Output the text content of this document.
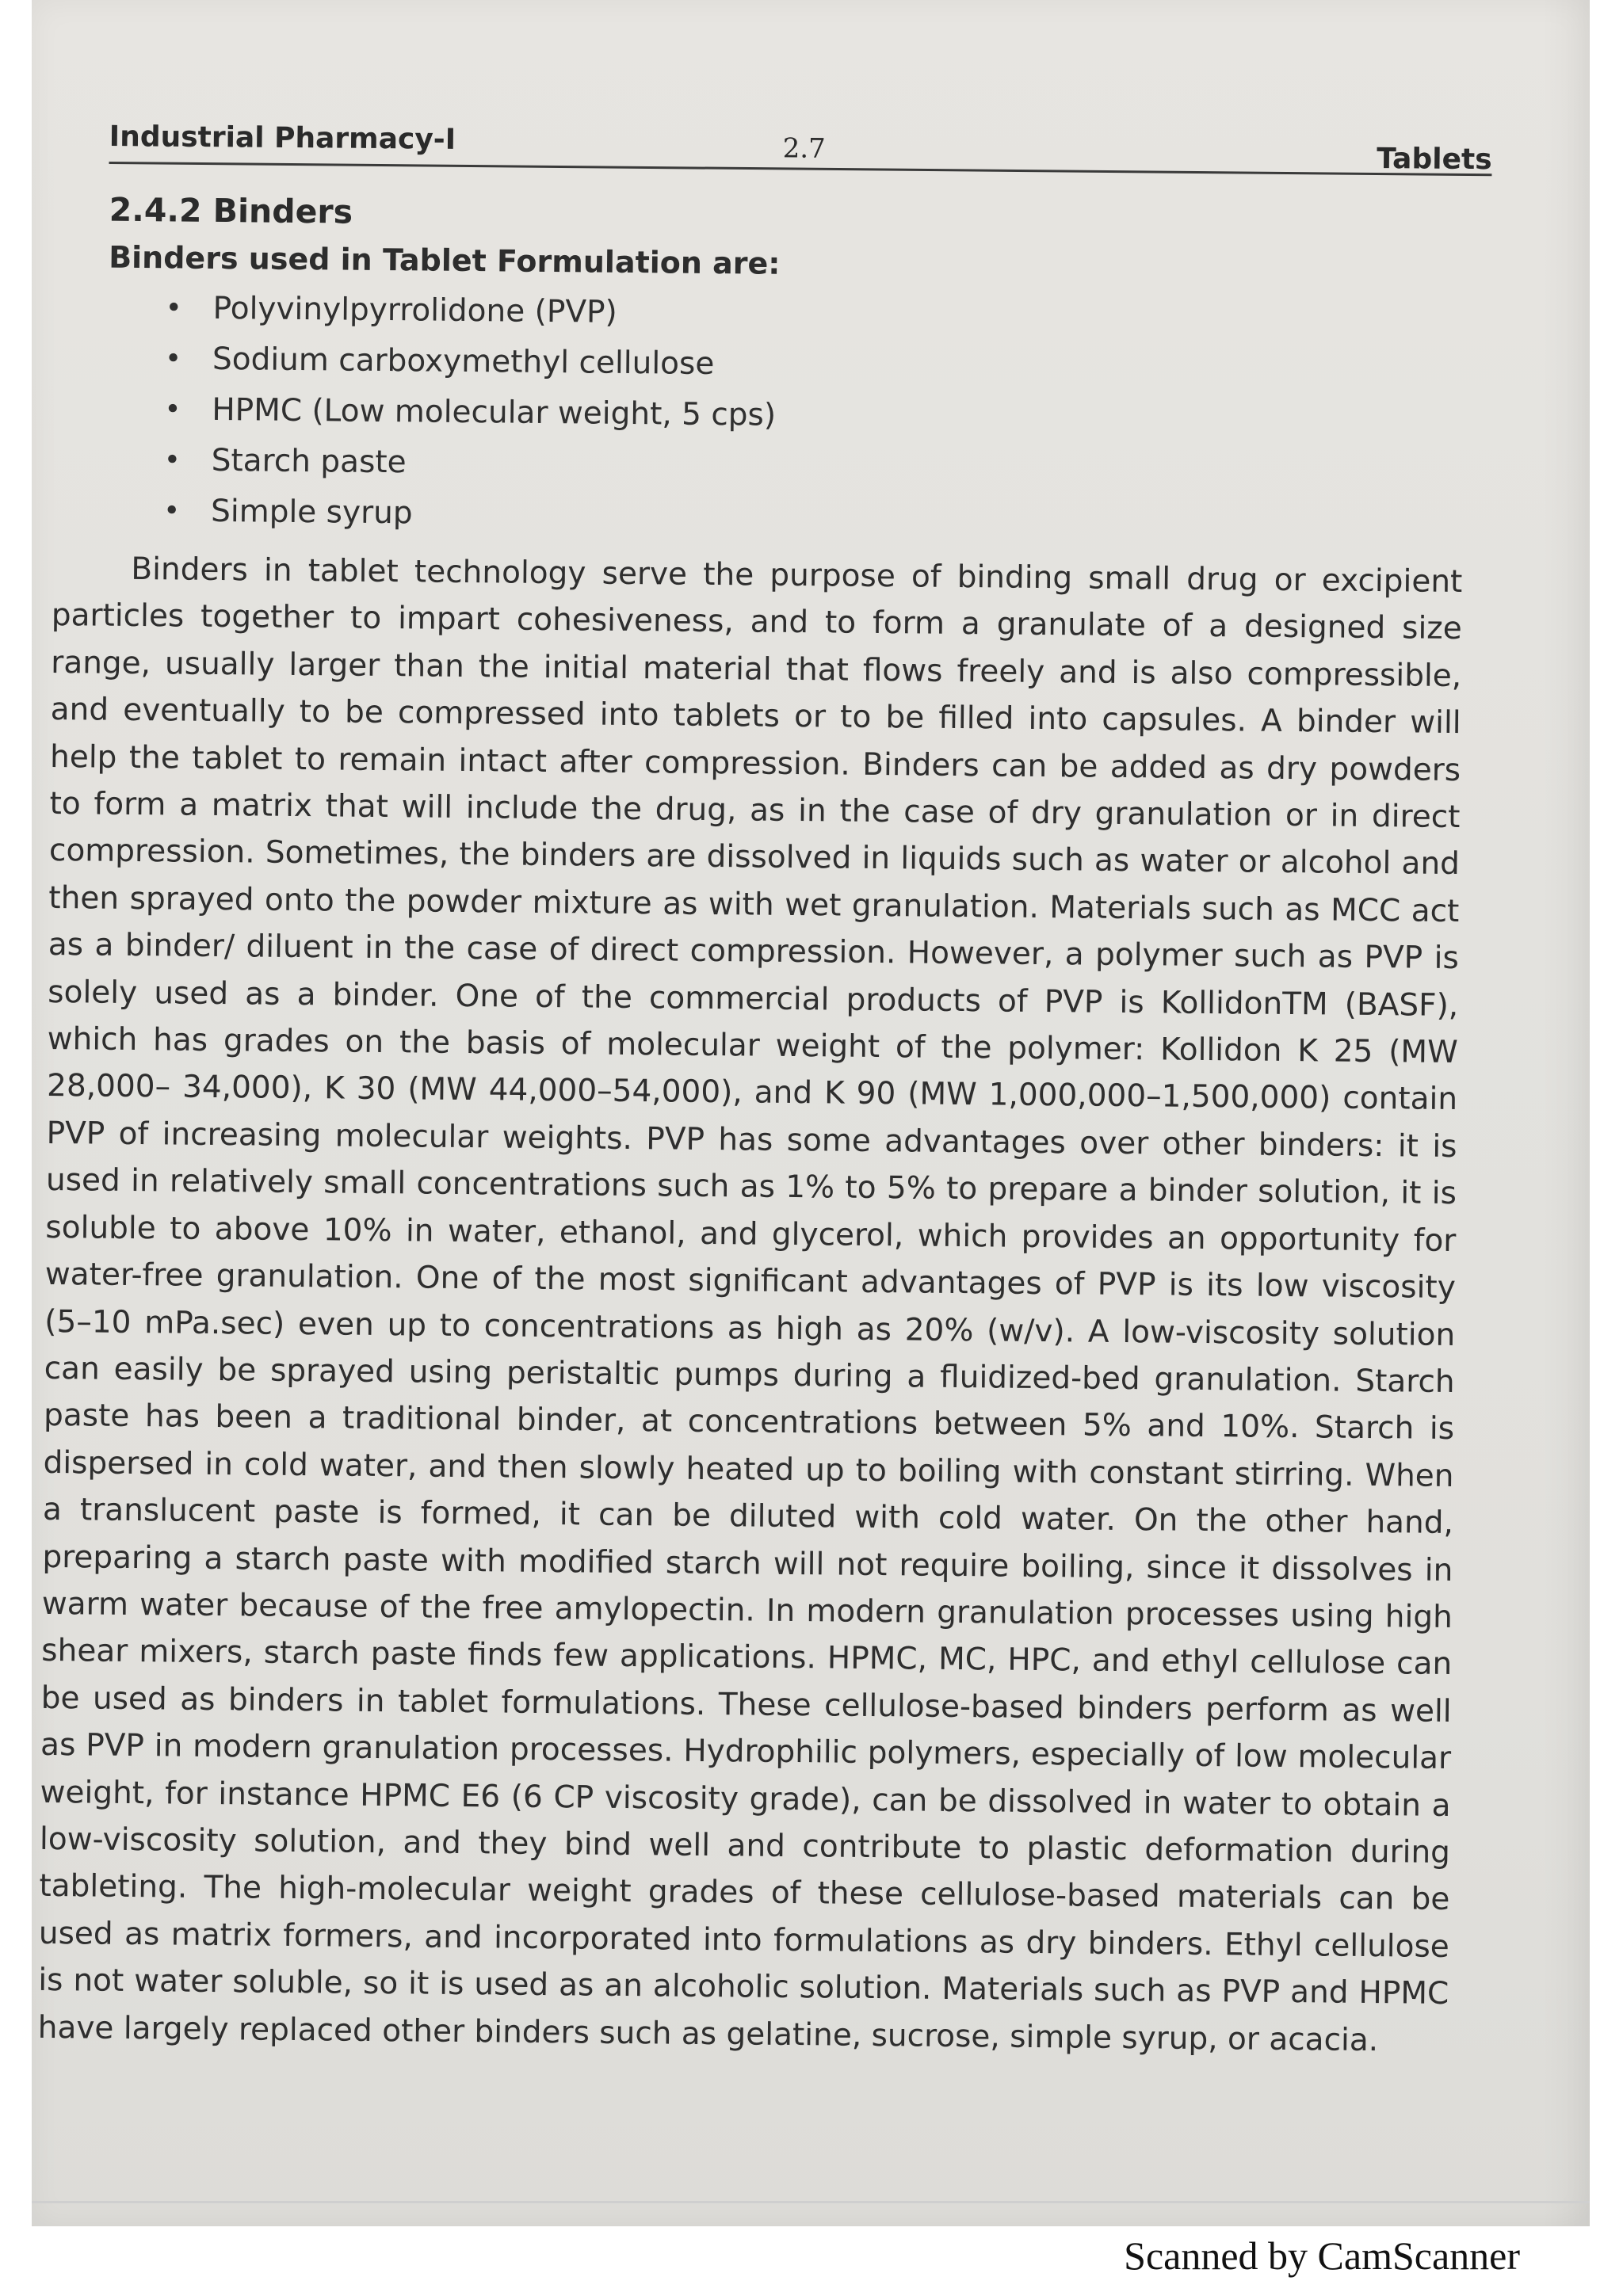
Industrial Pharmacy-I	2.7	Tablets
2.4.2 Binders
Binders used in Tablet Formulation are:
• Polyvinylpyrrolidone (PVP)
• Sodium carboxymethyl cellulose
• HPMC (Low molecular weight, 5 cps)
• Starch paste
• Simple syrup

Binders in tablet technology serve the purpose of binding small drug or excipient particles together to impart cohesiveness, and to form a granulate of a designed size range, usually larger than the initial material that flows freely and is also compressible, and eventually to be compressed into tablets or to be filled into capsules. A binder will help the tablet to remain intact after compression. Binders can be added as dry powders to form a matrix that will include the drug, as in the case of dry granulation or in direct compression. Sometimes, the binders are dissolved in liquids such as water or alcohol and then sprayed onto the powder mixture as with wet granulation. Materials such as MCC act as a binder/ diluent in the case of direct compression. However, a polymer such as PVP is solely used as a binder. One of the commercial products of PVP is KollidonTM (BASF), which has grades on the basis of molecular weight of the polymer: Kollidon K 25 (MW 28,000– 34,000), K 30 (MW 44,000–54,000), and K 90 (MW 1,000,000–1,500,000) contain PVP of increasing molecular weights. PVP has some advantages over other binders: it is used in relatively small concentrations such as 1% to 5% to prepare a binder solution, it is soluble to above 10% in water, ethanol, and glycerol, which provides an opportunity for water-free granulation. One of the most significant advantages of PVP is its low viscosity (5–10 mPa.sec) even up to concentrations as high as 20% (w/v). A low-viscosity solution can easily be sprayed using peristaltic pumps during a fluidized-bed granulation. Starch paste has been a traditional binder, at concentrations between 5% and 10%. Starch is dispersed in cold water, and then slowly heated up to boiling with constant stirring. When a translucent paste is formed, it can be diluted with cold water. On the other hand, preparing a starch paste with modified starch will not require boiling, since it dissolves in warm water because of the free amylopectin. In modern granulation processes using high shear mixers, starch paste finds few applications. HPMC, MC, HPC, and ethyl cellulose can be used as binders in tablet formulations. These cellulose-based binders perform as well as PVP in modern granulation processes. Hydrophilic polymers, especially of low molecular weight, for instance HPMC E6 (6 CP viscosity grade), can be dissolved in water to obtain a low-viscosity solution, and they bind well and contribute to plastic deformation during tableting. The high-molecular weight grades of these cellulose-based materials can be used as matrix formers, and incorporated into formulations as dry binders. Ethyl cellulose is not water soluble, so it is used as an alcoholic solution. Materials such as PVP and HPMC have largely replaced other binders such as gelatine, sucrose, simple syrup, or acacia.

Scanned by CamScanner
